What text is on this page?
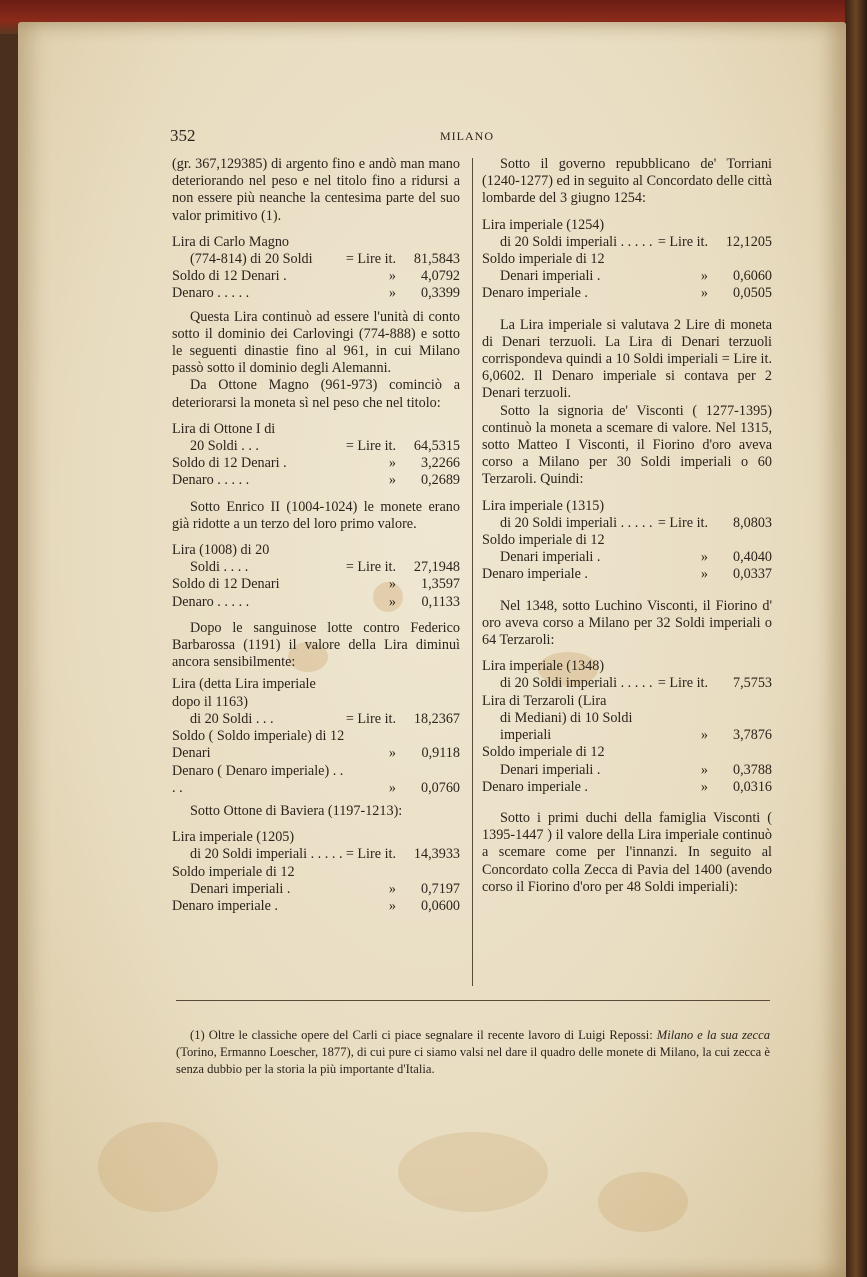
352	MILANO

(gr. 367,129385) di argento fino e andò man mano deteriorando nel peso e nel titolo fino a ridursi a non essere più neanche la centesima parte del suo valor primitivo (1).

Lira di Carlo Magno		
(774-814) di 20 Soldi	= Lire it.	81,5843
Soldo di 12 Denari .	»	4,0792
Denaro . . . . .	»	0,3399

Questa Lira continuò ad essere l'unità di conto sotto il dominio dei Carlovingi (774-888) e sotto le seguenti dinastie fino al 961, in cui Milano passò sotto il dominio degli Alemanni.

Da Ottone Magno (961-973) cominciò a deteriorarsi la moneta sì nel peso che nel titolo:

Lira di Ottone I di		
20 Soldi . . .	= Lire it.	64,5315
Soldo di 12 Denari .	»	3,2266
Denaro . . . . .	»	0,2689

Sotto Enrico II (1004-1024) le monete erano già ridotte a un terzo del loro primo valore.

Lira (1008) di 20		
Soldi . . . .	= Lire it.	27,1948
Soldo di 12 Denari	»	1,3597
Denaro . . . . .	»	0,1133

Dopo le sanguinose lotte contro Federico Barbarossa (1191) il valore della Lira diminuì ancora sensibilmente:

Lira (detta Lira imperiale dopo il 1163)		
di 20 Soldi . . .	= Lire it.	18,2367
Soldo ( Soldo imperiale) di 12 Denari	»	0,9118
Denaro ( Denaro imperiale) . . . .	»	0,0760

Sotto Ottone di Baviera (1197-1213):

Lira imperiale (1205)		
di 20 Soldi imperiali . . . . .	= Lire it.	14,3933
Soldo imperiale di 12		
Denari imperiali .	»	0,7197
Denaro imperiale .	»	0,0600

Sotto il governo repubblicano de' Torriani (1240-1277) ed in seguito al Concordato delle città lombarde del 3 giugno 1254:

Lira imperiale (1254)		
di 20 Soldi imperiali . . . . .	= Lire it.	12,1205
Soldo imperiale di 12		
Denari imperiali .	»	0,6060
Denaro imperiale .	»	0,0505

La Lira imperiale si valutava 2 Lire di moneta di Denari terzuoli. La Lira di Denari terzuoli corrispondeva quindi a 10 Soldi imperiali = Lire it. 6,0602. Il Denaro imperiale si contava per 2 Denari terzuoli.

Sotto la signoria de' Visconti ( 1277-1395) continuò la moneta a scemare di valore. Nel 1315, sotto Matteo I Visconti, il Fiorino d'oro aveva corso a Milano per 30 Soldi imperiali o 60 Terzaroli. Quindi:

Lira imperiale (1315)		
di 20 Soldi imperiali . . . . .	= Lire it.	8,0803
Soldo imperiale di 12		
Denari imperiali .	»	0,4040
Denaro imperiale .	»	0,0337

Nel 1348, sotto Luchino Visconti, il Fiorino d' oro aveva corso a Milano per 32 Soldi imperiali o 64 Terzaroli:

Lira imperiale (1348)		
di 20 Soldi imperiali . . . . .	= Lire it.	7,5753
Lira di Terzaroli (Lira		
di Mediani) di 10 Soldi imperiali	»	3,7876
Soldo imperiale di 12		
Denari imperiali .	»	0,3788
Denaro imperiale .	»	0,0316

Sotto i primi duchi della famiglia Visconti ( 1395-1447 ) il valore della Lira imperiale continuò a scemare come per l'innanzi. In seguito al Concordato colla Zecca di Pavia del 1400 (avendo corso il Fiorino d'oro per 48 Soldi imperiali):

(1) Oltre le classiche opere del Carli ci piace segnalare il recente lavoro di Luigi Repossi: Milano e la sua zecca (Torino, Ermanno Loescher, 1877), di cui pure ci siamo valsi nel dare il quadro delle monete di Milano, la cui zecca è senza dubbio per la storia la più importante d'Italia.
